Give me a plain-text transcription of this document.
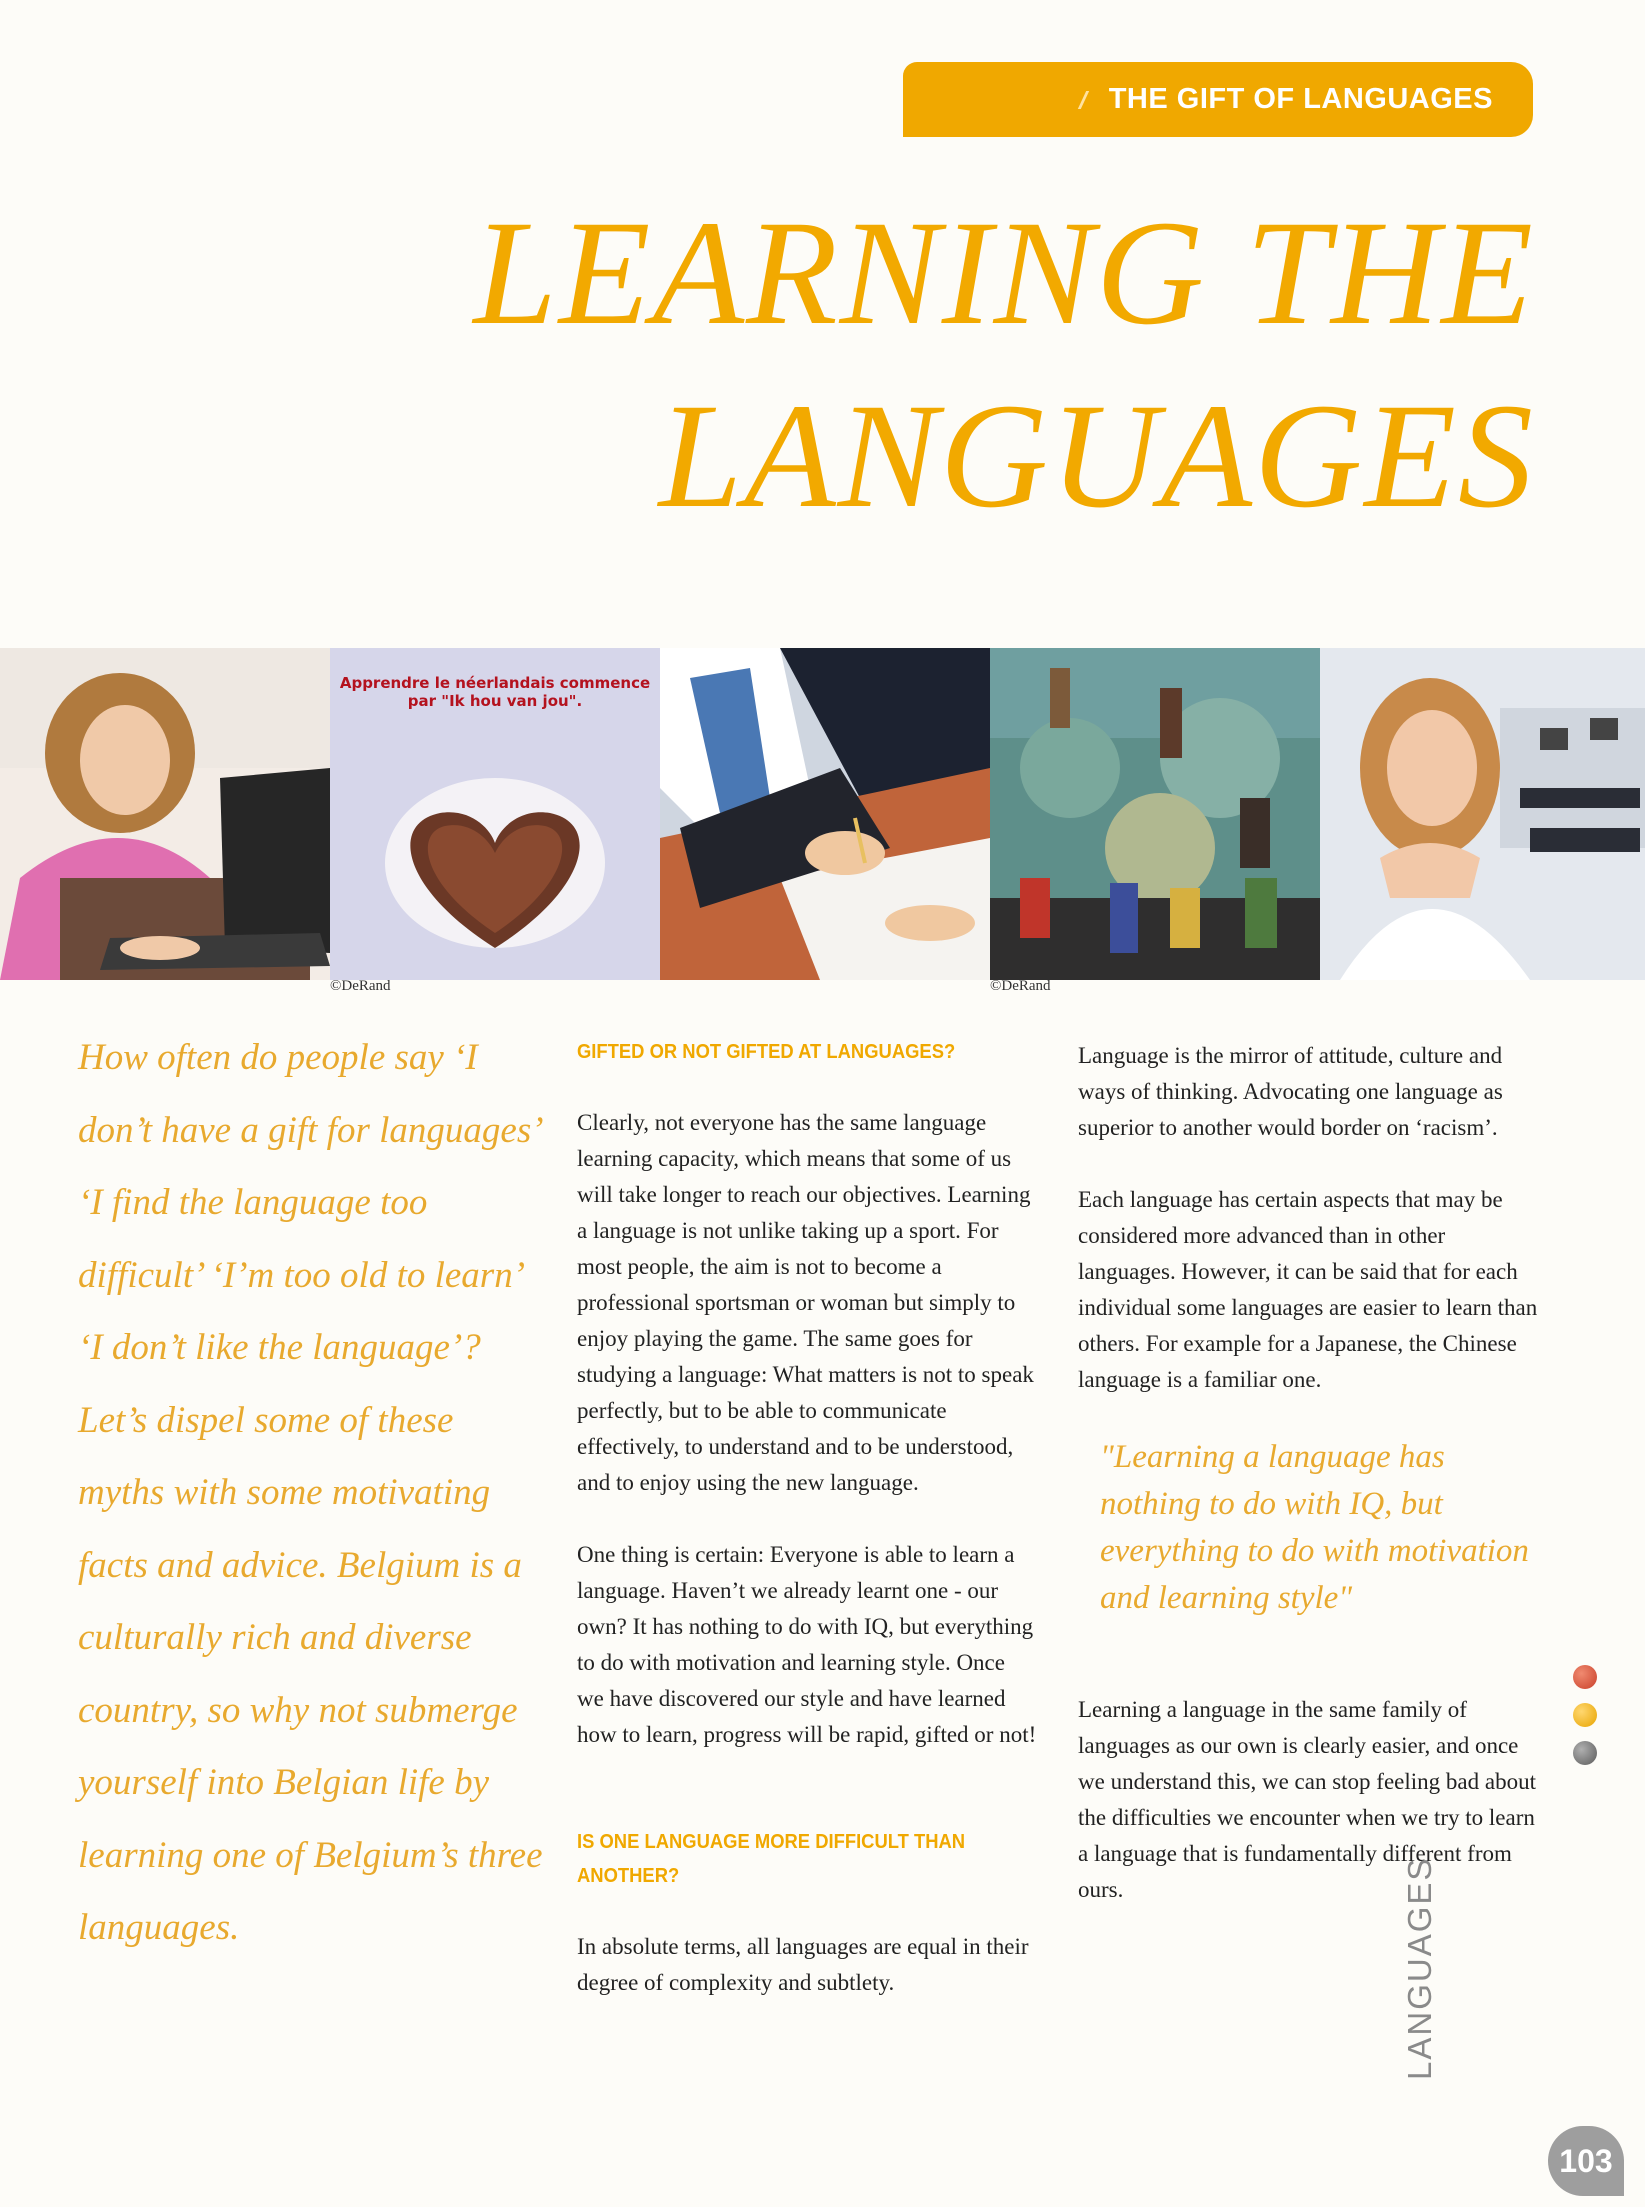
THE GIFT OF LANGUAGES
LEARNING THE
LANGUAGES
Apprendre le néerlandais commence par "Ik hou van jou".
©DeRand	©DeRand

How often do people say ‘I don’t have a gift for languages’ ‘I find the language too difficult’ ‘I’m too old to learn’ ‘I don’t like the language’? Let’s dispel some of these myths with some motivating facts and advice. Belgium is a culturally rich and diverse country, so why not submerge yourself into Belgian life by learning one of Belgium’s three languages.

GIFTED OR NOT GIFTED AT LANGUAGES?

Clearly, not everyone has the same language learning capacity, which means that some of us will take longer to reach our objectives. Learning a language is not unlike taking up a sport. For most people, the aim is not to become a professional sportsman or woman but simply to enjoy playing the game. The same goes for studying a language: What matters is not to speak perfectly, but to be able to communicate effectively, to understand and to be understood, and to enjoy using the new language.

One thing is certain: Everyone is able to learn a language. Haven’t we already learnt one - our own? It has nothing to do with IQ, but everything to do with motivation and learning style. Once we have discovered our style and have learned how to learn, progress will be rapid, gifted or not!

IS ONE LANGUAGE MORE DIFFICULT THAN ANOTHER?

In absolute terms, all languages are equal in their degree of complexity and subtlety.

Language is the mirror of attitude, culture and ways of thinking. Advocating one language as superior to another would border on ‘racism’.

Each language has certain aspects that may be considered more advanced than in other languages. However, it can be said that for each individual some languages are easier to learn than others. For example for a Japanese, the Chinese language is a familiar one.

"Learning a language has nothing to do with IQ, but everything to do with motivation and learning style"

Learning a language in the same family of languages as our own is clearly easier, and once we understand this, we can stop feeling bad about the difficulties we encounter when we try to learn a language that is fundamentally different from ours.	LANGUAGES
103
